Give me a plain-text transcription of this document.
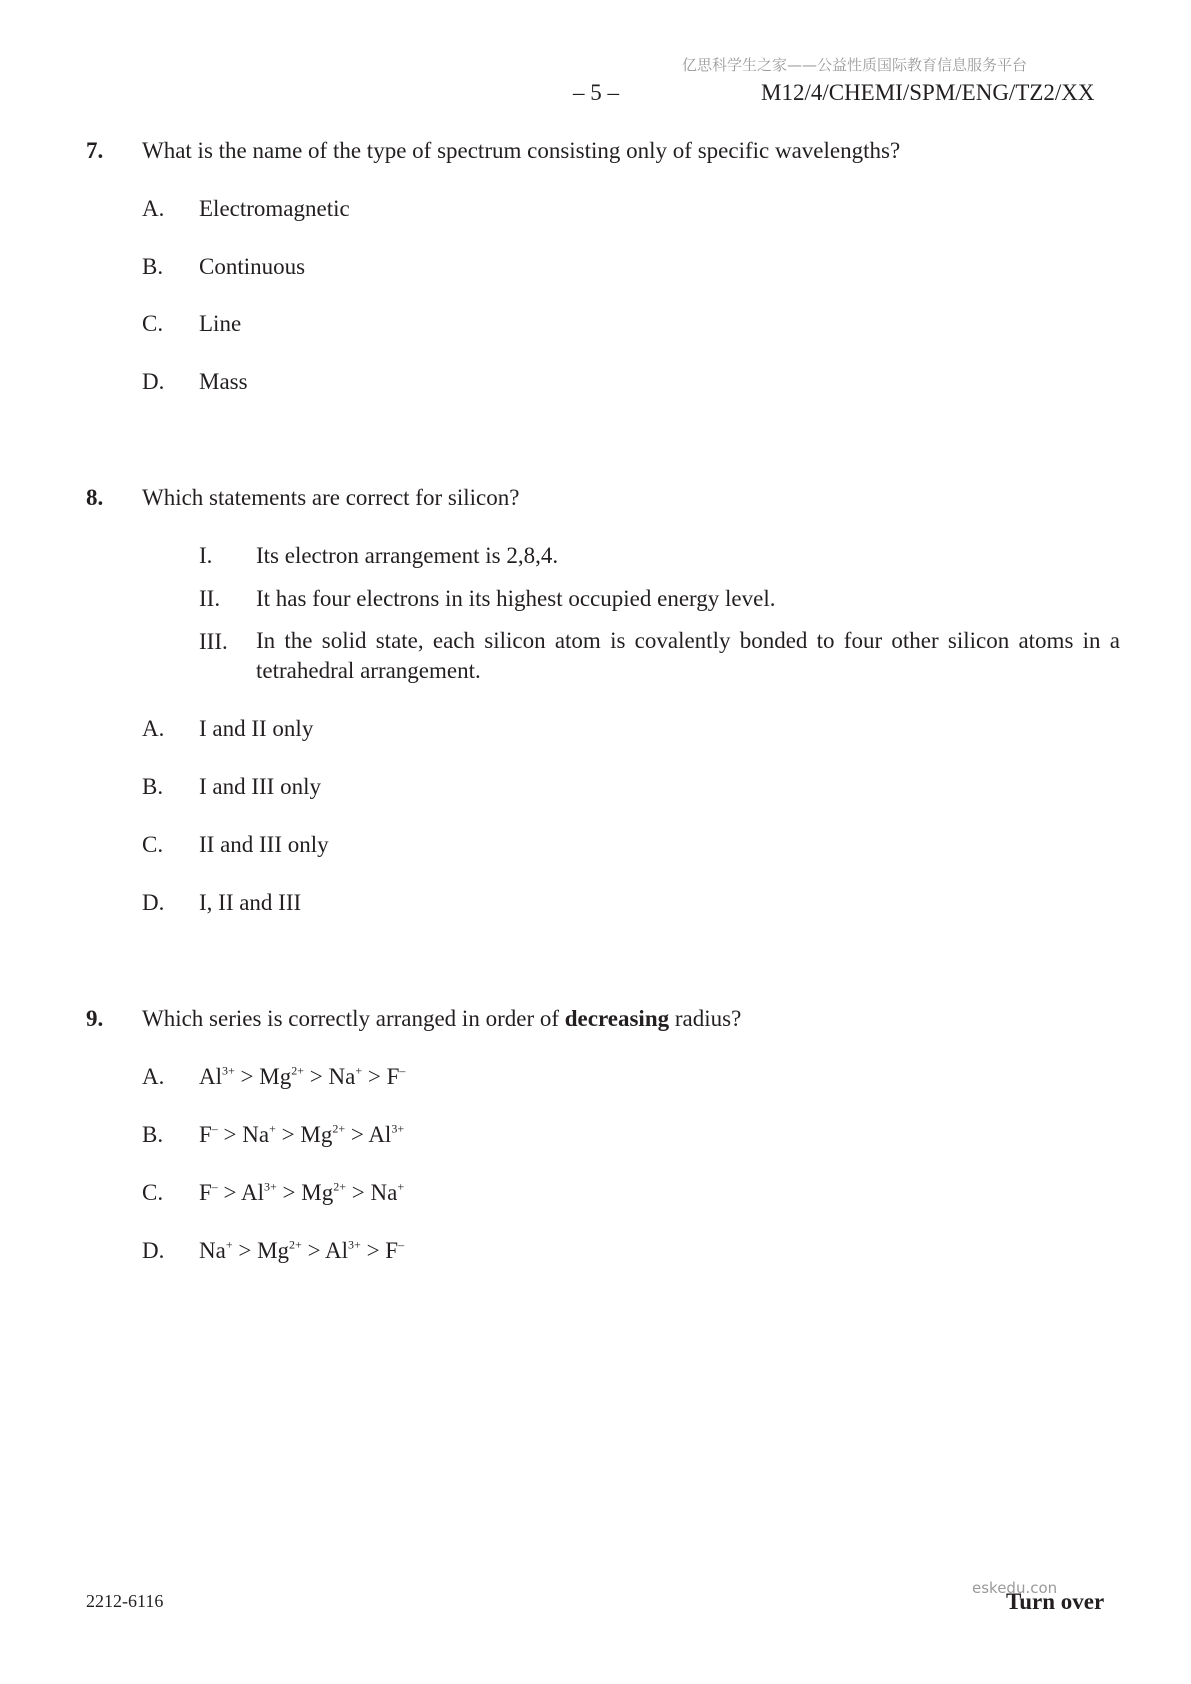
亿思科学生之家——公益性质国际教育信息服务平台
– 5 –	M12/4/CHEMI/SPM/ENG/TZ2/XX
7. What is the name of the type of spectrum consisting only of specific wavelengths?
A. Electromagnetic
B. Continuous
C. Line
D. Mass
8. Which statements are correct for silicon?
I. Its electron arrangement is 2,8,4.
II. It has four electrons in its highest occupied energy level.
III. In the solid state, each silicon atom is covalently bonded to four other silicon atoms in a tetrahedral arrangement.
A. I and II only
B. I and III only
C. II and III only
D. I, II and III
9. Which series is correctly arranged in order of decreasing radius?
A. $Al^{3+} > Mg^{2+} > Na^+ > F^-$
B. $F^- > Na^+ > Mg^{2+} > Al^{3+}$
C. $F^- > Al^{3+} > Mg^{2+} > Na^+$
D. $Na^+ > Mg^{2+} > Al^{3+} > F^-$
2212-6116
eskedu.con
Turn over
